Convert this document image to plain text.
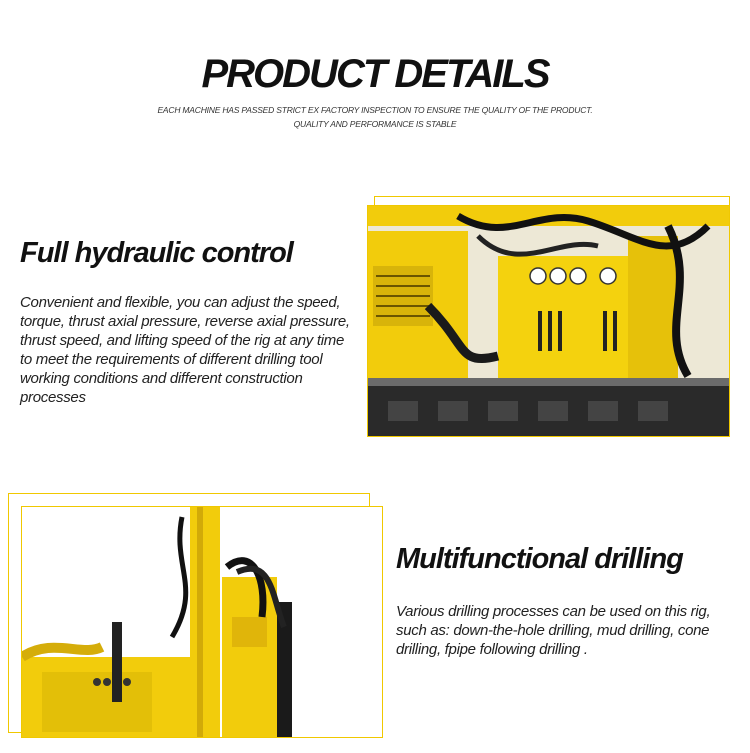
PRODUCT DETAILS
EACH MACHINE HAS PASSED STRICT EX FACTORY INSPECTION TO ENSURE THE QUALITY OF THE PRODUCT.
QUALITY AND PERFORMANCE IS STABLE
Full hydraulic control
Convenient and flexible, you can adjust the speed,
torque, thrust axial pressure, reverse axial pressure,
thrust speed, and lifting speed of the rig at any time
to meet the requirements of different drilling tool
working conditions and different construction
processes
Multifunctional drilling
Various drilling processes can be used on this rig,
such as: down-the-hole drilling, mud drilling, cone
drilling, fpipe following drilling .
